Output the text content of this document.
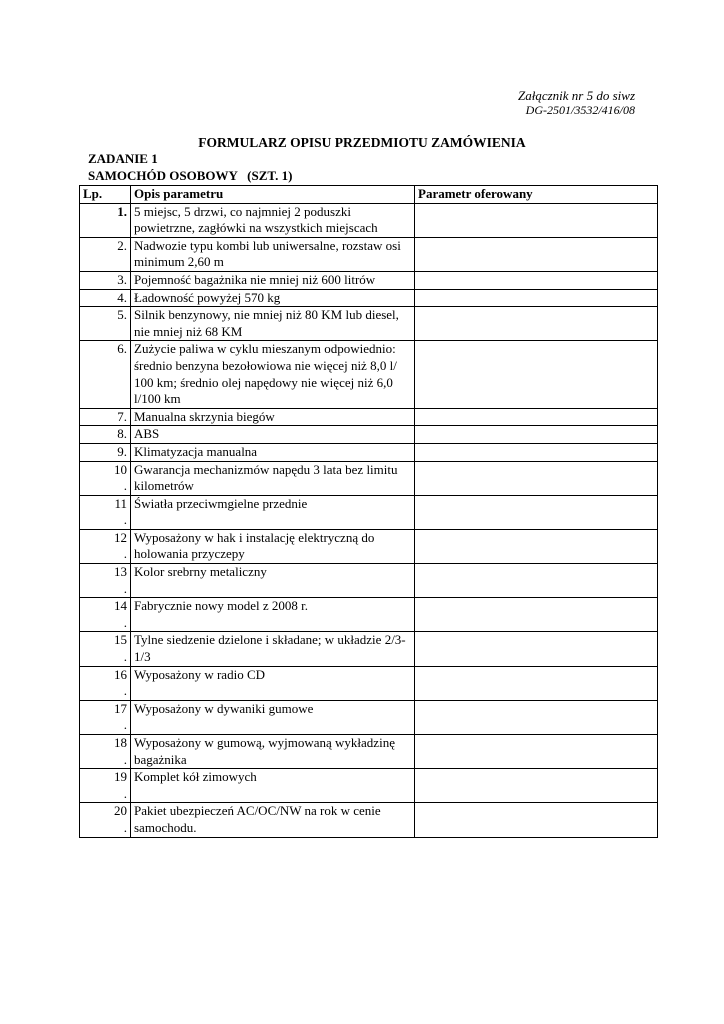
Załącznik nr 5 do siwz
DG-2501/3532/416/08
FORMULARZ OPISU PRZEDMIOTU ZAMÓWIENIA
ZADANIE 1
SAMOCHÓD OSOBOWY   (SZT. 1)
Lp.	Opis parametru	Parametr oferowany

1.	5 miejsc, 5 drzwi, co najmniej 2 poduszki powietrzne, zagłówki na wszystkich miejscach	

2.	Nadwozie typu kombi lub uniwersalne, rozstaw osi minimum 2,60 m	

3.	Pojemność bagażnika nie mniej niż 600 litrów	

4.	Ładowność powyżej 570 kg	

5.	Silnik benzynowy, nie mniej niż 80 KM lub diesel, nie mniej niż 68 KM	

6.	Zużycie paliwa w cyklu mieszanym odpowiednio: średnio benzyna bezołowiowa nie więcej niż 8,0 l/ 100 km; średnio olej napędowy nie więcej niż 6,0 l/100 km	

7.	Manualna skrzynia biegów	

8.	ABS	

9.	Klimatyzacja manualna	

10
.	Gwarancja mechanizmów napędu 3 lata bez limitu kilometrów	

11
.	Światła przeciwmgielne przednie	

12
.	Wyposażony w hak i instalację elektryczną do holowania przyczepy	

13
.	Kolor srebrny metaliczny	

14
.	Fabrycznie nowy model z 2008 r.	

15
.	Tylne siedzenie dzielone i składane; w układzie 2/3- 1/3	

16
.	Wyposażony w radio CD	

17
.	Wyposażony w dywaniki gumowe	

18
.	Wyposażony w gumową, wyjmowaną wykładzinę bagażnika	

19
.	Komplet kół zimowych	

20
.	Pakiet ubezpieczeń AC/OC/NW na rok w cenie samochodu.	
